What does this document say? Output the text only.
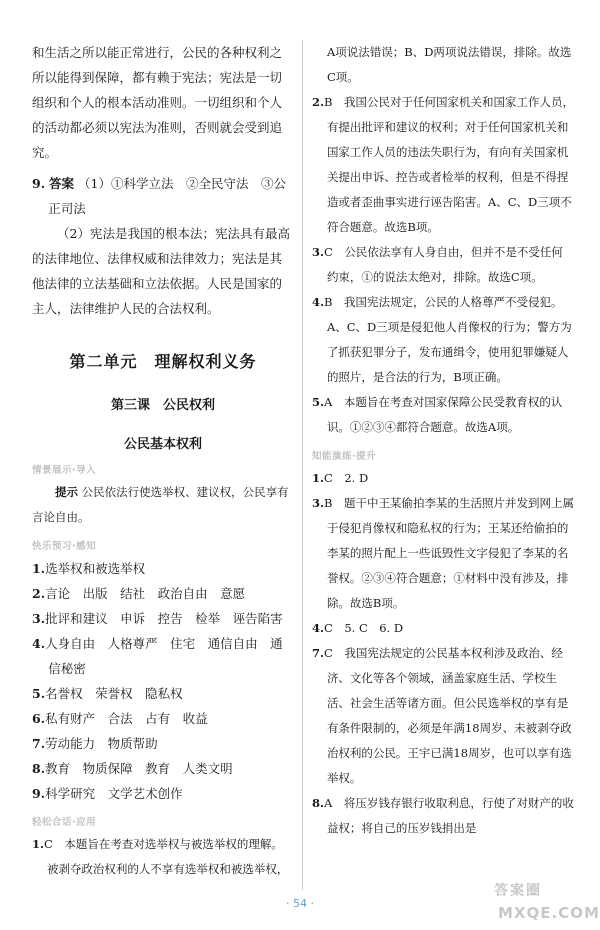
和生活之所以能正常进行，公民的各种权利之所以能得到保障，都有赖于宪法；宪法是一切组织和个人的根本活动准则。一切组织和个人的活动都必须以宪法为准则，否则就会受到追究。

9. 答案 （1）①科学立法　②全民守法　③公正司法

（2）宪法是我国的根本法；宪法具有最高的法律地位、法律权威和法律效力；宪法是其他法律的立法基础和立法依据。人民是国家的主人，法律维护人民的合法权利。

第二单元　理解权利义务
第三课　公民权利
公民基本权利
情景展示·导入

提示 公民依法行使选举权、建议权，公民享有言论自由。

快乐预习·感知

1.选举权和被选举权

2.言论　出版　结社　政治自由　意愿

3.批评和建议　申诉　控告　检举　诬告陷害

4.人身自由　人格尊严　住宅　通信自由　通信秘密

5.名誉权　荣誉权　隐私权

6.私有财产　合法　占有　收益

7.劳动能力　物质帮助

8.教育　物质保障　教育　人类文明

9.科学研究　文学艺术创作

轻松合话·应用

1.C　本题旨在考查对选举权与被选举权的理解。被剥夺政治权利的人不享有选举权和被选举权，

A项说法错误；B、D两项说法错误，排除。故选C项。

2.B　我国公民对于任何国家机关和国家工作人员，有提出批评和建议的权利；对于任何国家机关和国家工作人员的违法失职行为，有向有关国家机关提出申诉、控告或者检举的权利，但是不得捏造或者歪曲事实进行诬告陷害。A、C、D三项不符合题意。故选B项。

3.C　公民依法享有人身自由，但并不是不受任何约束，①的说法太绝对，排除。故选C项。

4.B　我国宪法规定，公民的人格尊严不受侵犯。A、C、D三项是侵犯他人肖像权的行为；警方为了抓获犯罪分子，发布通缉令，使用犯罪嫌疑人的照片，是合法的行为，B项正确。

5.A　本题旨在考查对国家保障公民受教育权的认识。①②③④都符合题意。故选A项。

知能演练·提升

1.C　2. D

3.B　题干中王某偷拍李某的生活照片并发到网上属于侵犯肖像权和隐私权的行为；王某还给偷拍的李某的照片配上一些诋毁性文字侵犯了李某的名誉权。②③④符合题意；①材料中没有涉及，排除。故选B项。

4.C　5. C　6. D

7.C　我国宪法规定的公民基本权利涉及政治、经济、文化等各个领域，涵盖家庭生活、学校生活、社会生活等诸方面。但公民选举权的享有是有条件限制的，必须是年满18周岁、未被剥夺政治权利的公民。王宇已满18周岁，也可以享有选举权。

8.A　将压岁钱存银行收取利息，行使了对财产的收益权；将自己的压岁钱捐出是

· 54 ·
答案圈
MXQE.COM
